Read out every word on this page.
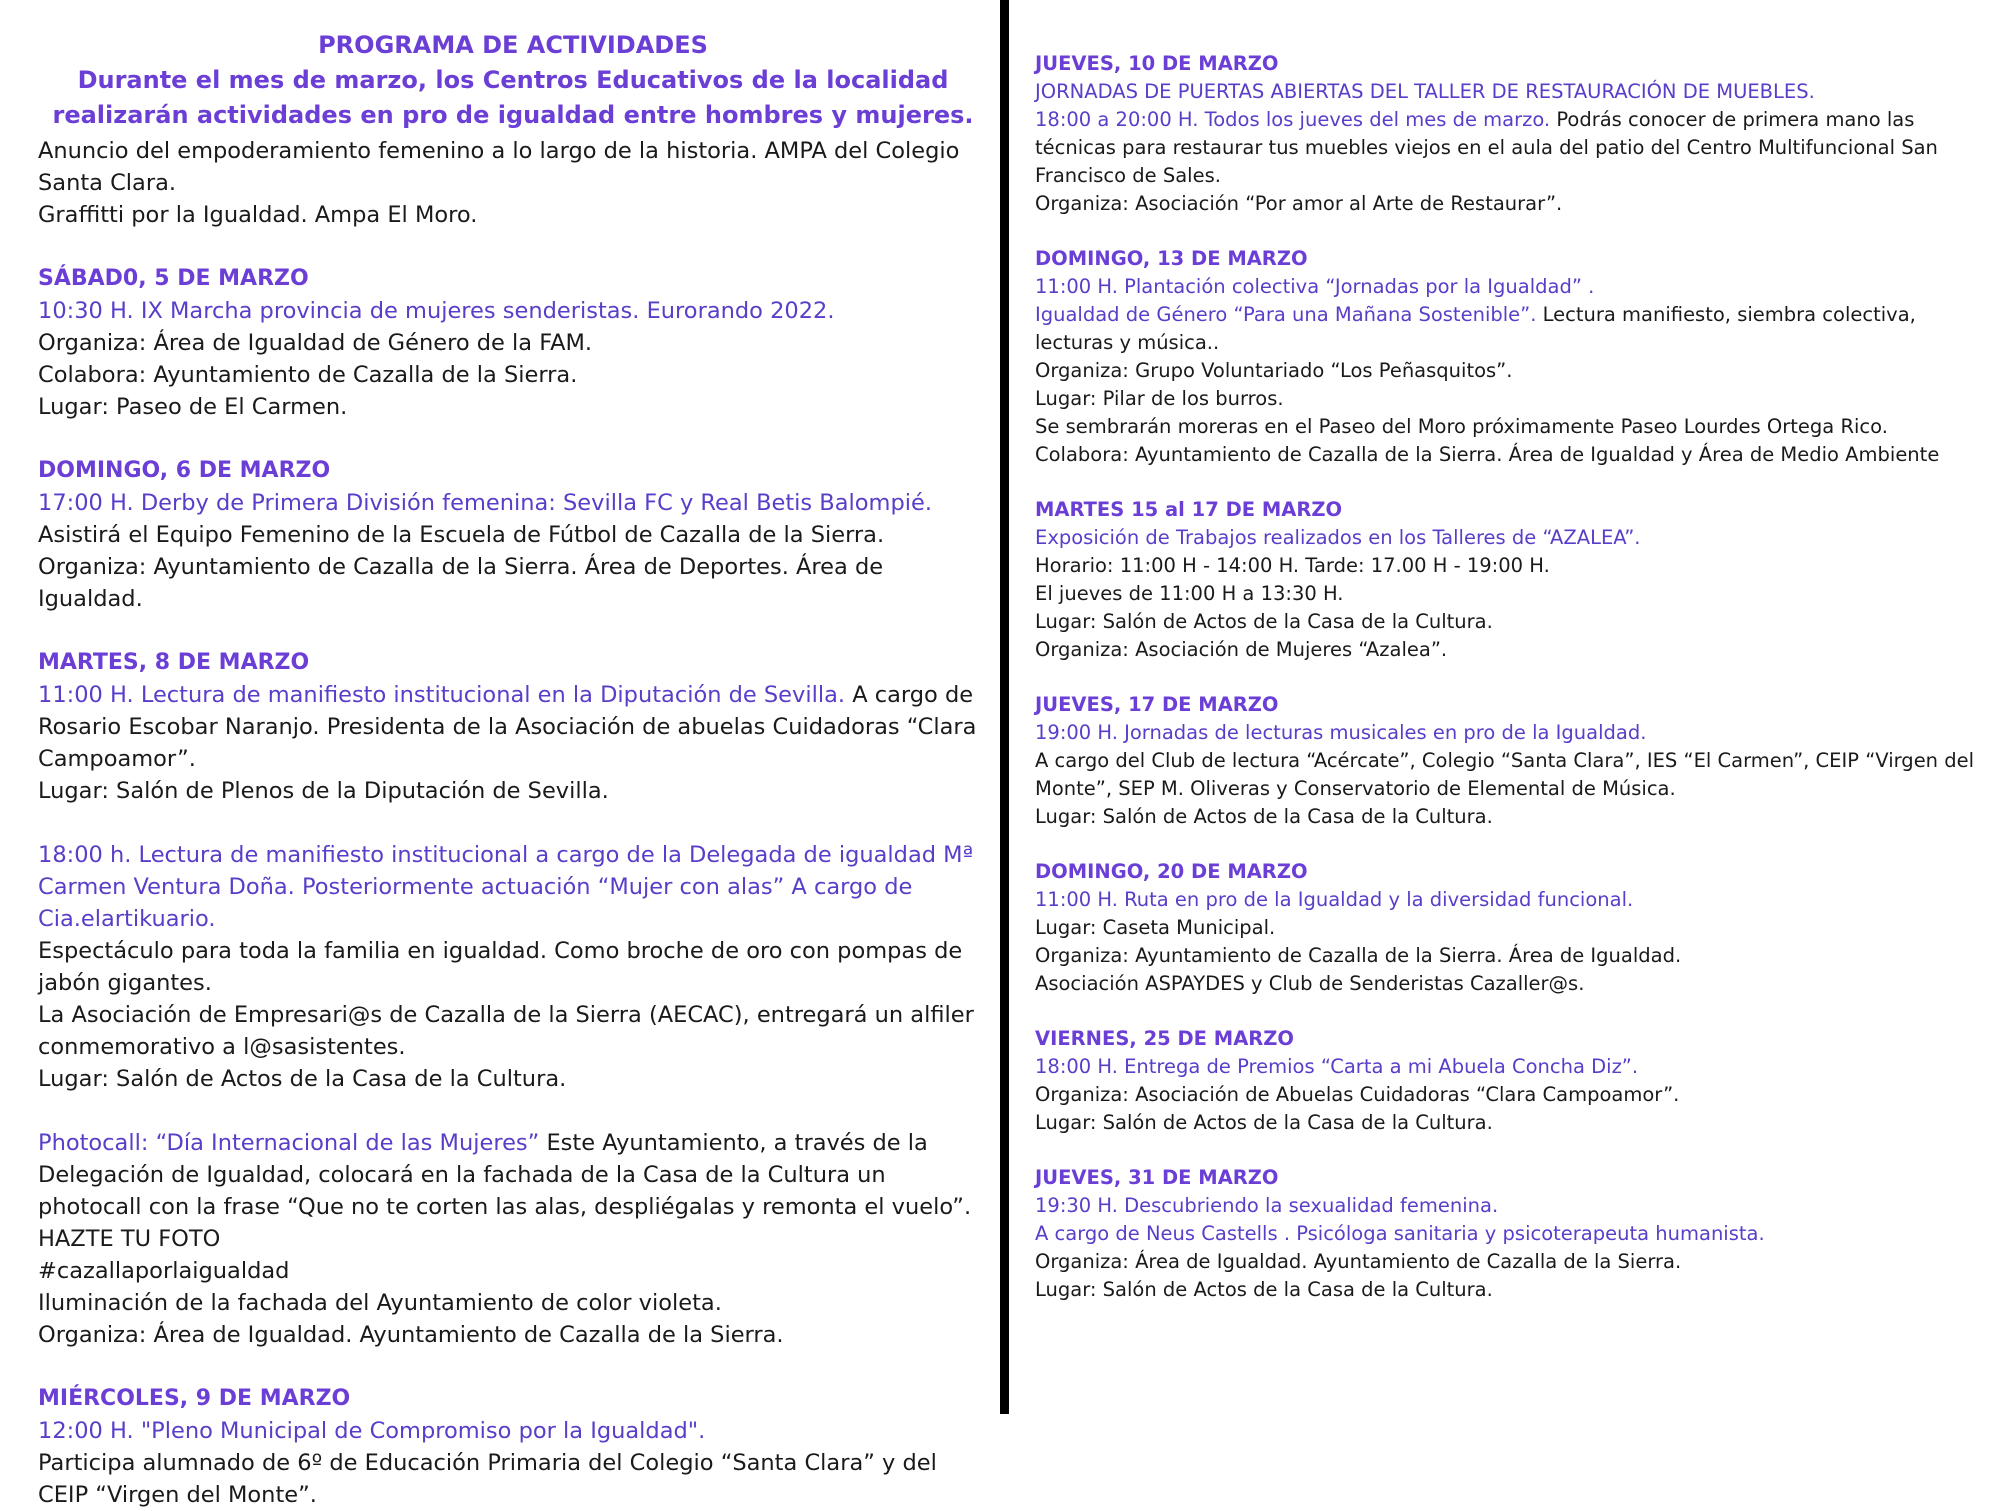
PROGRAMA DE ACTIVIDADES
Durante el mes de marzo, los Centros Educativos de la localidad
realizarán actividades en pro de igualdad entre hombres y mujeres.

Anuncio del empoderamiento femenino a lo largo de la historia. AMPA del Colegio Santa Clara.

Graffitti por la Igualdad. Ampa El Moro.

SÁBAD0, 5 DE MARZO

10:30 H. IX Marcha provincia de mujeres senderistas. Eurorando 2022.

Organiza: Área de Igualdad de Género de la FAM.

Colabora: Ayuntamiento de Cazalla de la Sierra.

Lugar: Paseo de El Carmen.

DOMINGO, 6 DE MARZO

17:00 H. Derby de Primera División femenina: Sevilla FC y Real Betis Balompié.

Asistirá el Equipo Femenino de la Escuela de Fútbol de Cazalla de la Sierra.

Organiza: Ayuntamiento de Cazalla de la Sierra. Área de Deportes. Área de Igualdad.

MARTES, 8 DE MARZO

11:00 H. Lectura de manifiesto institucional en la Diputación de Sevilla. A cargo de Rosario Escobar Naranjo. Presidenta de la Asociación de abuelas Cuidadoras “Clara Campoamor”.

Lugar: Salón de Plenos de la Diputación de Sevilla.

18:00 h. Lectura de manifiesto institucional a cargo de la Delegada de igualdad Mª Carmen Ventura Doña. Posteriormente actuación “Mujer con alas” A cargo de Cia.elartikuario.

Espectáculo para toda la familia en igualdad. Como broche de oro con pompas de jabón gigantes.

La Asociación de Empresari@s de Cazalla de la Sierra (AECAC), entregará un alfiler conmemorativo a l@sasistentes.

Lugar: Salón de Actos de la Casa de la Cultura.

Photocall: “Día Internacional de las Mujeres” Este Ayuntamiento, a través de la Delegación de Igualdad, colocará en la fachada de la Casa de la Cultura un photocall con la frase “Que no te corten las alas, despliégalas y remonta el vuelo”. HAZTE TU FOTO

#cazallaporlaigualdad

Iluminación de la fachada del Ayuntamiento de color violeta.

Organiza: Área de Igualdad. Ayuntamiento de Cazalla de la Sierra.

MIÉRCOLES, 9 DE MARZO

12:00 H. "Pleno Municipal de Compromiso por la Igualdad".

Participa alumnado de 6º de Educación Primaria del Colegio “Santa Clara” y del CEIP “Virgen del Monte”.

JUEVES, 10 DE MARZO

JORNADAS DE PUERTAS ABIERTAS DEL TALLER DE RESTAURACIÓN DE MUEBLES.

18:00 a 20:00 H. Todos los jueves del mes de marzo. Podrás conocer de primera mano las técnicas para restaurar tus muebles viejos en el aula del patio del Centro Multifuncional San Francisco de Sales.

Organiza: Asociación “Por amor al Arte de Restaurar”.

DOMINGO, 13 DE MARZO

11:00 H. Plantación colectiva “Jornadas por la Igualdad” .

Igualdad de Género “Para una Mañana Sostenible”. Lectura manifiesto, siembra colectiva, lecturas y música..

Organiza: Grupo Voluntariado “Los Peñasquitos”.

Lugar: Pilar de los burros.

Se sembrarán moreras en el Paseo del Moro próximamente Paseo Lourdes Ortega Rico.

Colabora: Ayuntamiento de Cazalla de la Sierra. Área de Igualdad y Área de Medio Ambiente

MARTES 15 al 17 DE MARZO

Exposición de Trabajos realizados en los Talleres de “AZALEA”.

Horario: 11:00 H - 14:00 H. Tarde: 17.00 H - 19:00 H.

El jueves de 11:00 H a 13:30 H.

Lugar: Salón de Actos de la Casa de la Cultura.

Organiza: Asociación de Mujeres “Azalea”.

JUEVES, 17 DE MARZO

19:00 H. Jornadas de lecturas musicales en pro de la Igualdad.

A cargo del Club de lectura “Acércate”, Colegio “Santa Clara”, IES “El Carmen”, CEIP “Virgen del Monte”, SEP M. Oliveras y Conservatorio de Elemental de Música.

Lugar: Salón de Actos de la Casa de la Cultura.

DOMINGO, 20 DE MARZO

11:00 H. Ruta en pro de la Igualdad y la diversidad funcional.

Lugar: Caseta Municipal.

Organiza: Ayuntamiento de Cazalla de la Sierra. Área de Igualdad.

Asociación ASPAYDES y Club de Senderistas Cazaller@s.

VIERNES, 25 DE MARZO

18:00 H. Entrega de Premios “Carta a mi Abuela Concha Diz”.

Organiza: Asociación de Abuelas Cuidadoras “Clara Campoamor”.

Lugar: Salón de Actos de la Casa de la Cultura.

JUEVES, 31 DE MARZO

19:30 H. Descubriendo la sexualidad femenina.

A cargo de Neus Castells . Psicóloga sanitaria y psicoterapeuta humanista.

Organiza: Área de Igualdad. Ayuntamiento de Cazalla de la Sierra.

Lugar: Salón de Actos de la Casa de la Cultura.
